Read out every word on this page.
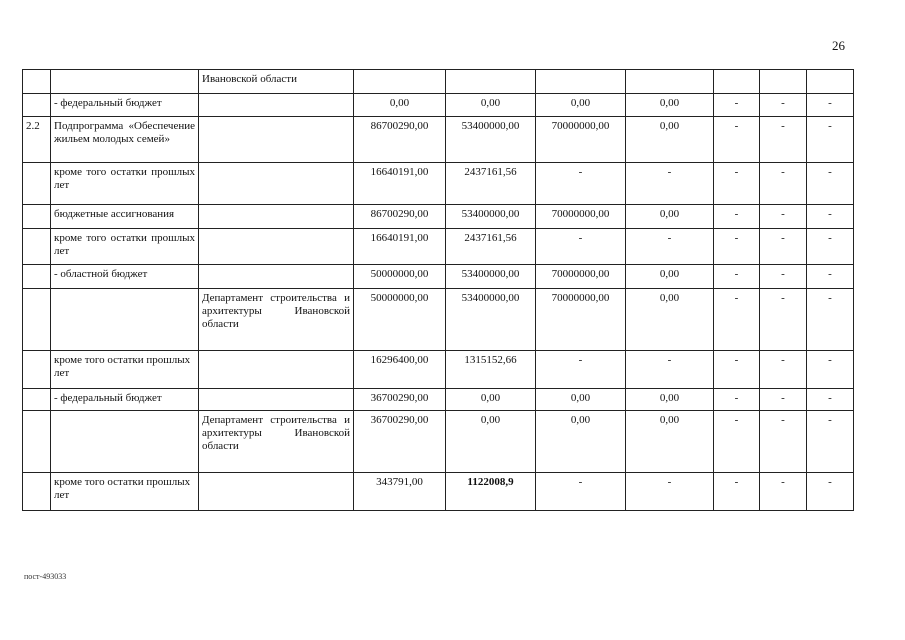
26
		Ивановской области							
	- федеральный бюджет		0,00	0,00	0,00	0,00	-	-	-
2.2	Подпрограмма «Обеспечение жильем молодых семей»		86700290,00	53400000,00	70000000,00	0,00	-	-	-
	кроме того остатки прошлых лет		16640191,00	2437161,56	-	-	-	-	-
	бюджетные ассигнования		86700290,00	53400000,00	70000000,00	0,00	-	-	-
	кроме того остатки прошлых лет		16640191,00	2437161,56	-	-	-	-	-
	- областной бюджет		50000000,00	53400000,00	70000000,00	0,00	-	-	-
		Департамент строительства и архитектуры Ивановской области	50000000,00	53400000,00	70000000,00	0,00	-	-	-
	кроме того остатки прошлых лет		16296400,00	1315152,66	-	-	-	-	-
	- федеральный бюджет		36700290,00	0,00	0,00	0,00	-	-	-
		Департамент строительства и архитектуры Ивановской области	36700290,00	0,00	0,00	0,00	-	-	-
	кроме того остатки прошлых лет		343791,00	1122008,9	-	-	-	-	-
пост-493033
